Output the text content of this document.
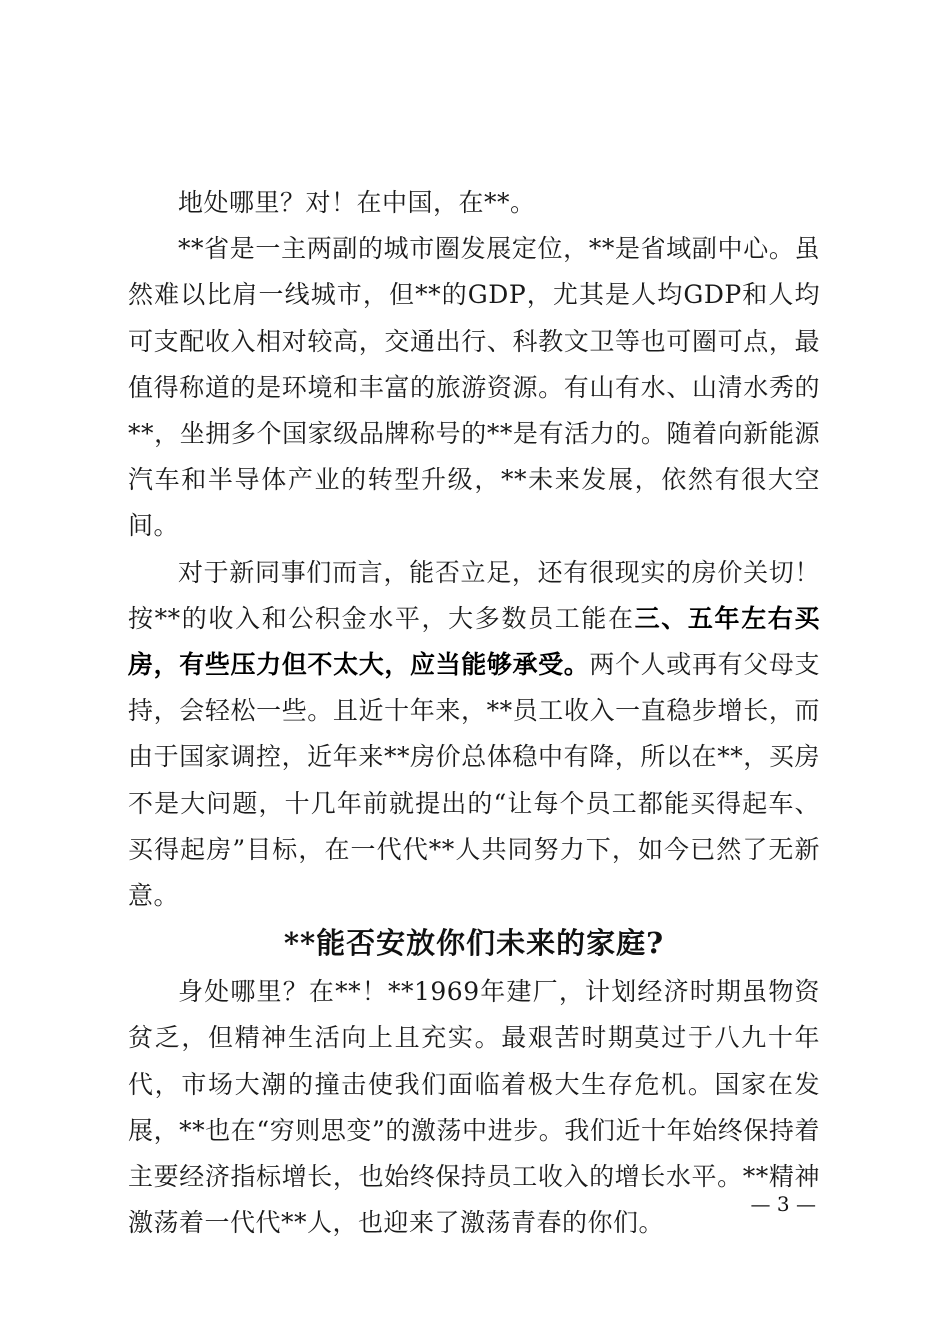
地处哪里？对！在中国，在**。

**省是一主两副的城市圈发展定位，**是省域副中心。虽然难以比肩一线城市，但**的GDP，尤其是人均GDP和人均可支配收入相对较高，交通出行、科教文卫等也可圈可点，最值得称道的是环境和丰富的旅游资源。有山有水、山清水秀的**，坐拥多个国家级品牌称号的**是有活力的。随着向新能源汽车和半导体产业的转型升级，**未来发展，依然有很大空间。

对于新同事们而言，能否立足，还有很现实的房价关切！按**的收入和公积金水平，大多数员工能在三、五年左右买房，有些压力但不太大，应当能够承受。两个人或再有父母支持，会轻松一些。且近十年来，**员工收入一直稳步增长，而由于国家调控，近年来**房价总体稳中有降，所以在**，买房不是大问题，十几年前就提出的“让每个员工都能买得起车、买得起房”目标，在一代代**人共同努力下，如今已然了无新意。

**能否安放你们未来的家庭?

身处哪里？在**！**1969年建厂，计划经济时期虽物资贫乏，但精神生活向上且充实。最艰苦时期莫过于八九十年代，市场大潮的撞击使我们面临着极大生存危机。国家在发展，**也在“穷则思变”的激荡中进步。我们近十年始终保持着主要经济指标增长，也始终保持员工收入的增长水平。**精神激荡着一代代**人，也迎来了激荡青春的你们。

— 3 —
